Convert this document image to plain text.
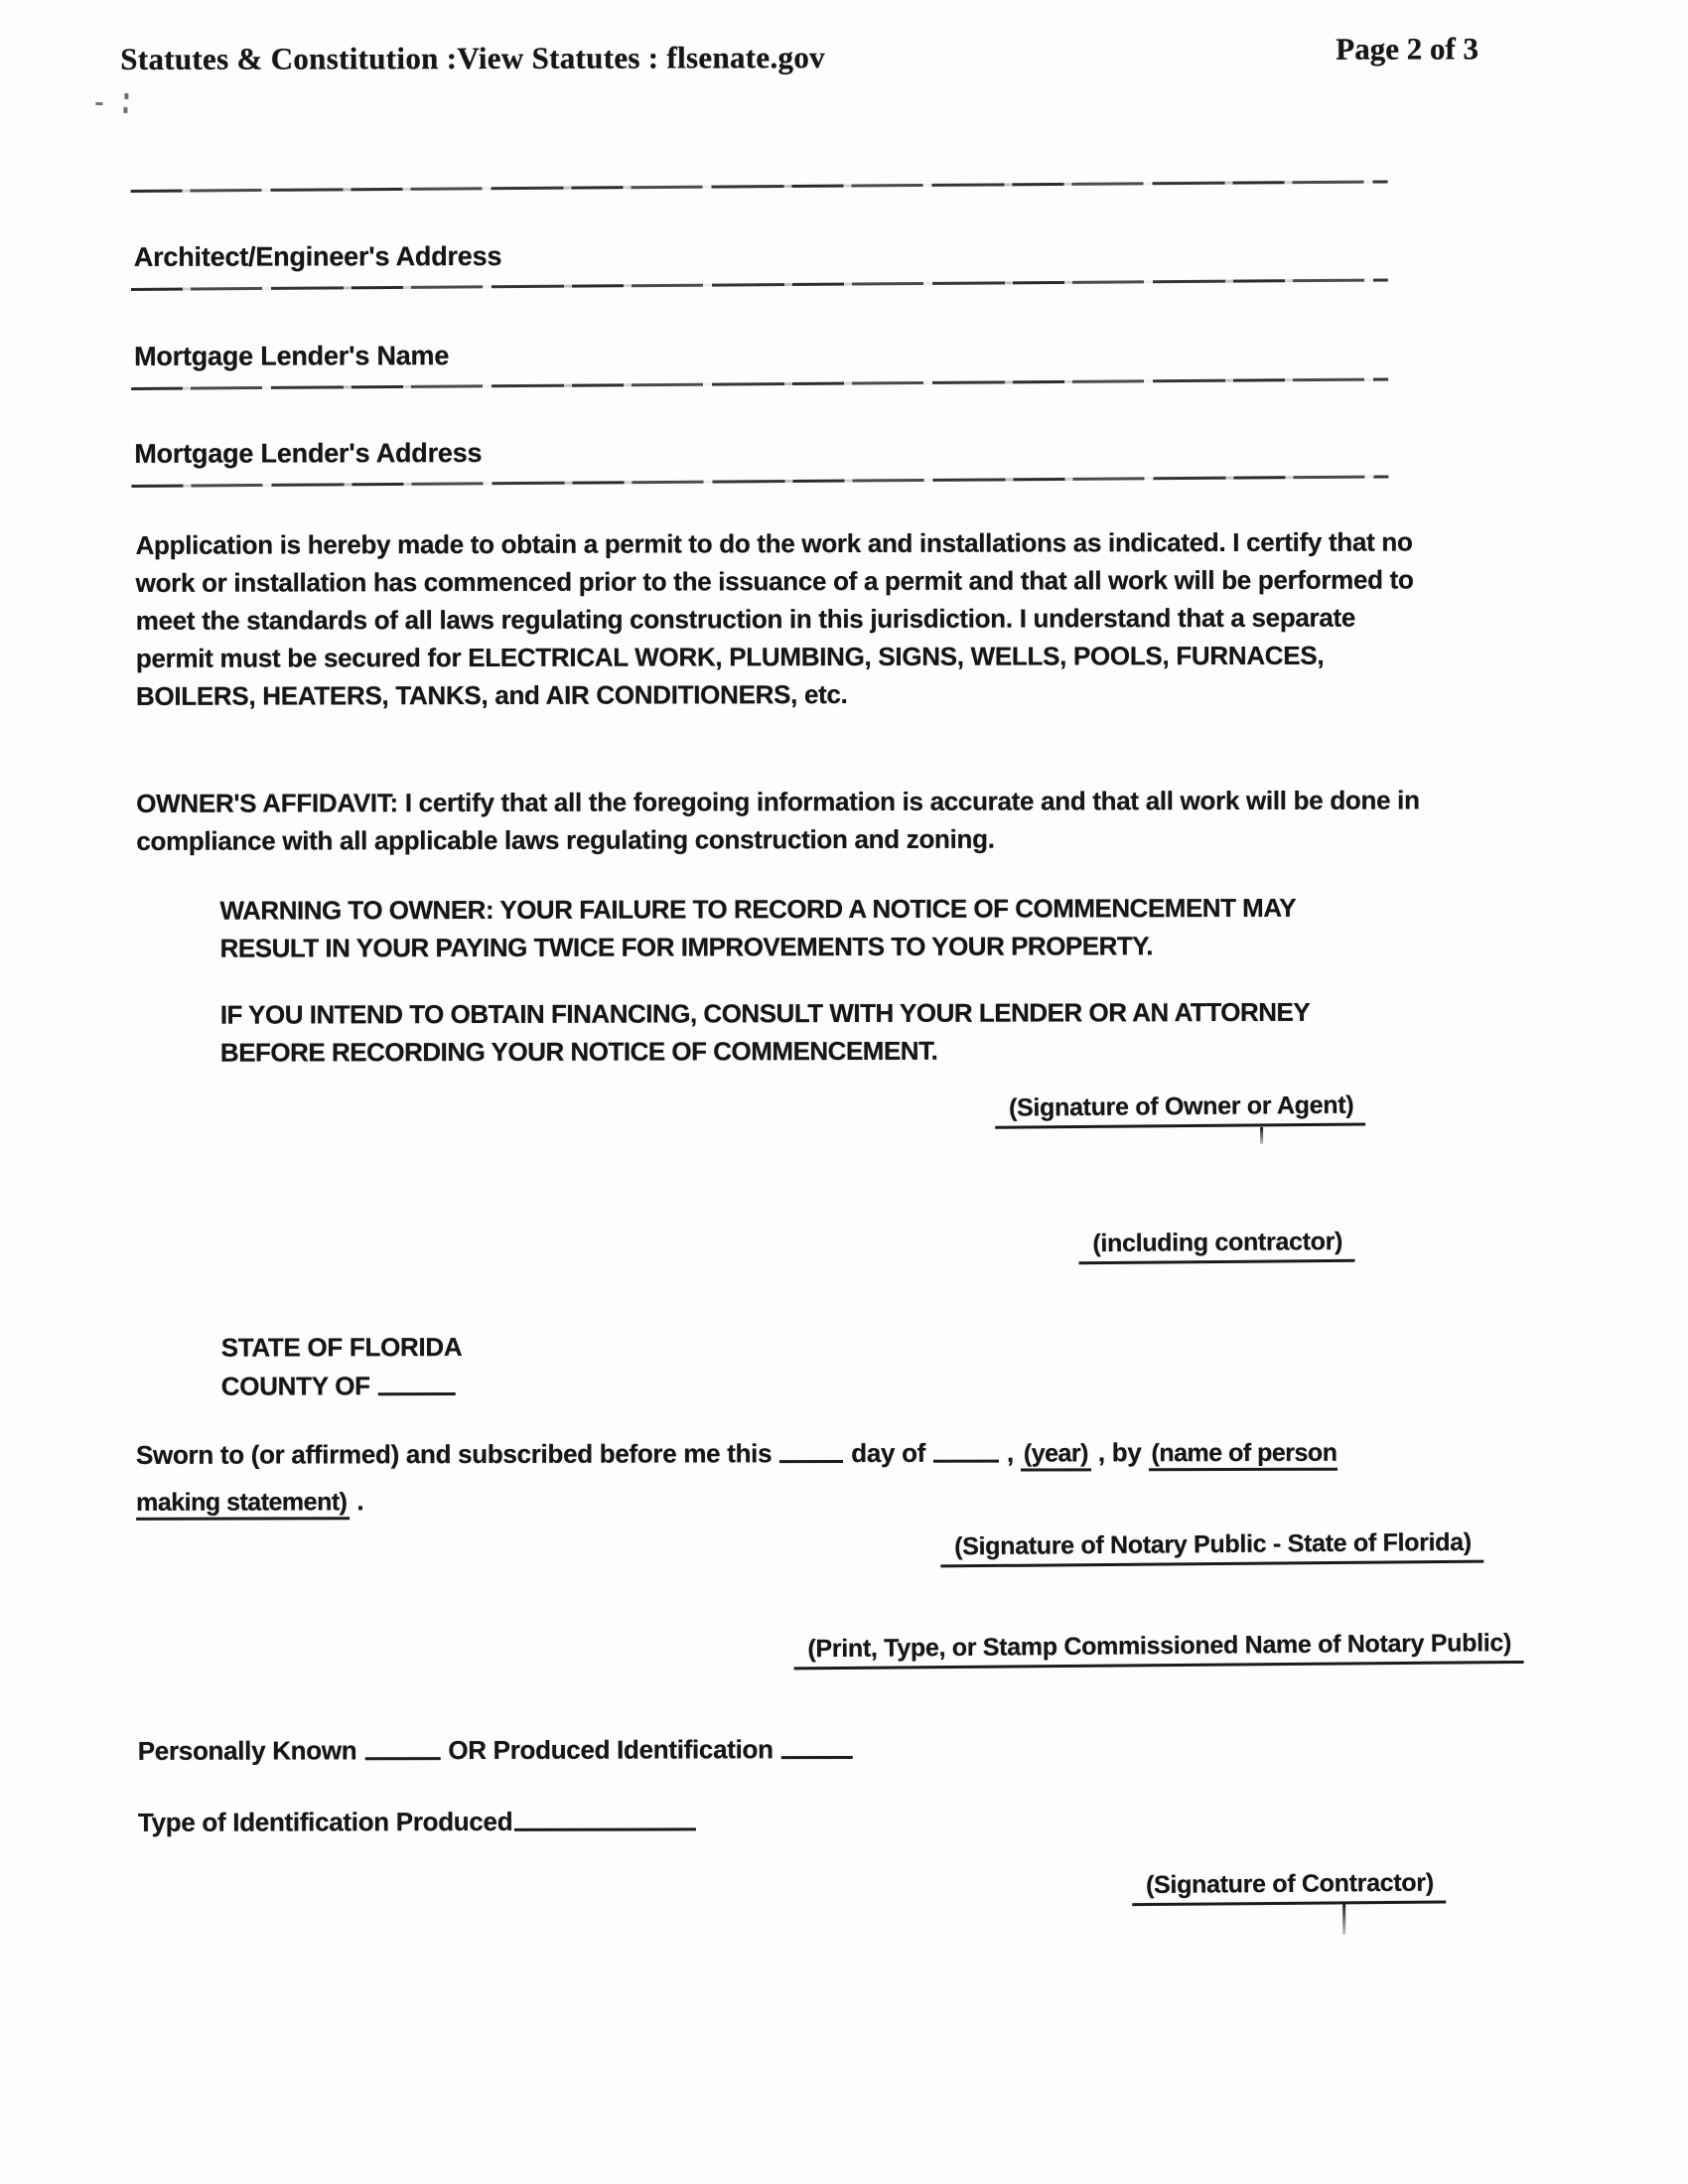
Statutes & Constitution :View Statutes : flsenate.gov	Page 2 of 3
Architect/Engineer's Address
Mortgage Lender's Name
Mortgage Lender's Address
Application is hereby made to obtain a permit to do the work and installations as indicated. I certify that no work or installation has commenced prior to the issuance of a permit and that all work will be performed to meet the standards of all laws regulating construction in this jurisdiction. I understand that a separate permit must be secured for ELECTRICAL WORK, PLUMBING, SIGNS, WELLS, POOLS, FURNACES, BOILERS, HEATERS, TANKS, and AIR CONDITIONERS, etc.
OWNER'S AFFIDAVIT: I certify that all the foregoing information is accurate and that all work will be done in compliance with all applicable laws regulating construction and zoning.
WARNING TO OWNER: YOUR FAILURE TO RECORD A NOTICE OF COMMENCEMENT MAY RESULT IN YOUR PAYING TWICE FOR IMPROVEMENTS TO YOUR PROPERTY.
IF YOU INTEND TO OBTAIN FINANCING, CONSULT WITH YOUR LENDER OR AN ATTORNEY BEFORE RECORDING YOUR NOTICE OF COMMENCEMENT.
(Signature of Owner or Agent)
(including contractor)
STATE OF FLORIDA
COUNTY OF
Sworn to (or affirmed) and subscribed before me this	day of	, (year) , by (name of person making statement) .
(Signature of Notary Public - State of Florida)
(Print, Type, or Stamp Commissioned Name of Notary Public)
Personally Known	OR Produced Identification
Type of Identification Produced
(Signature of Contractor)
